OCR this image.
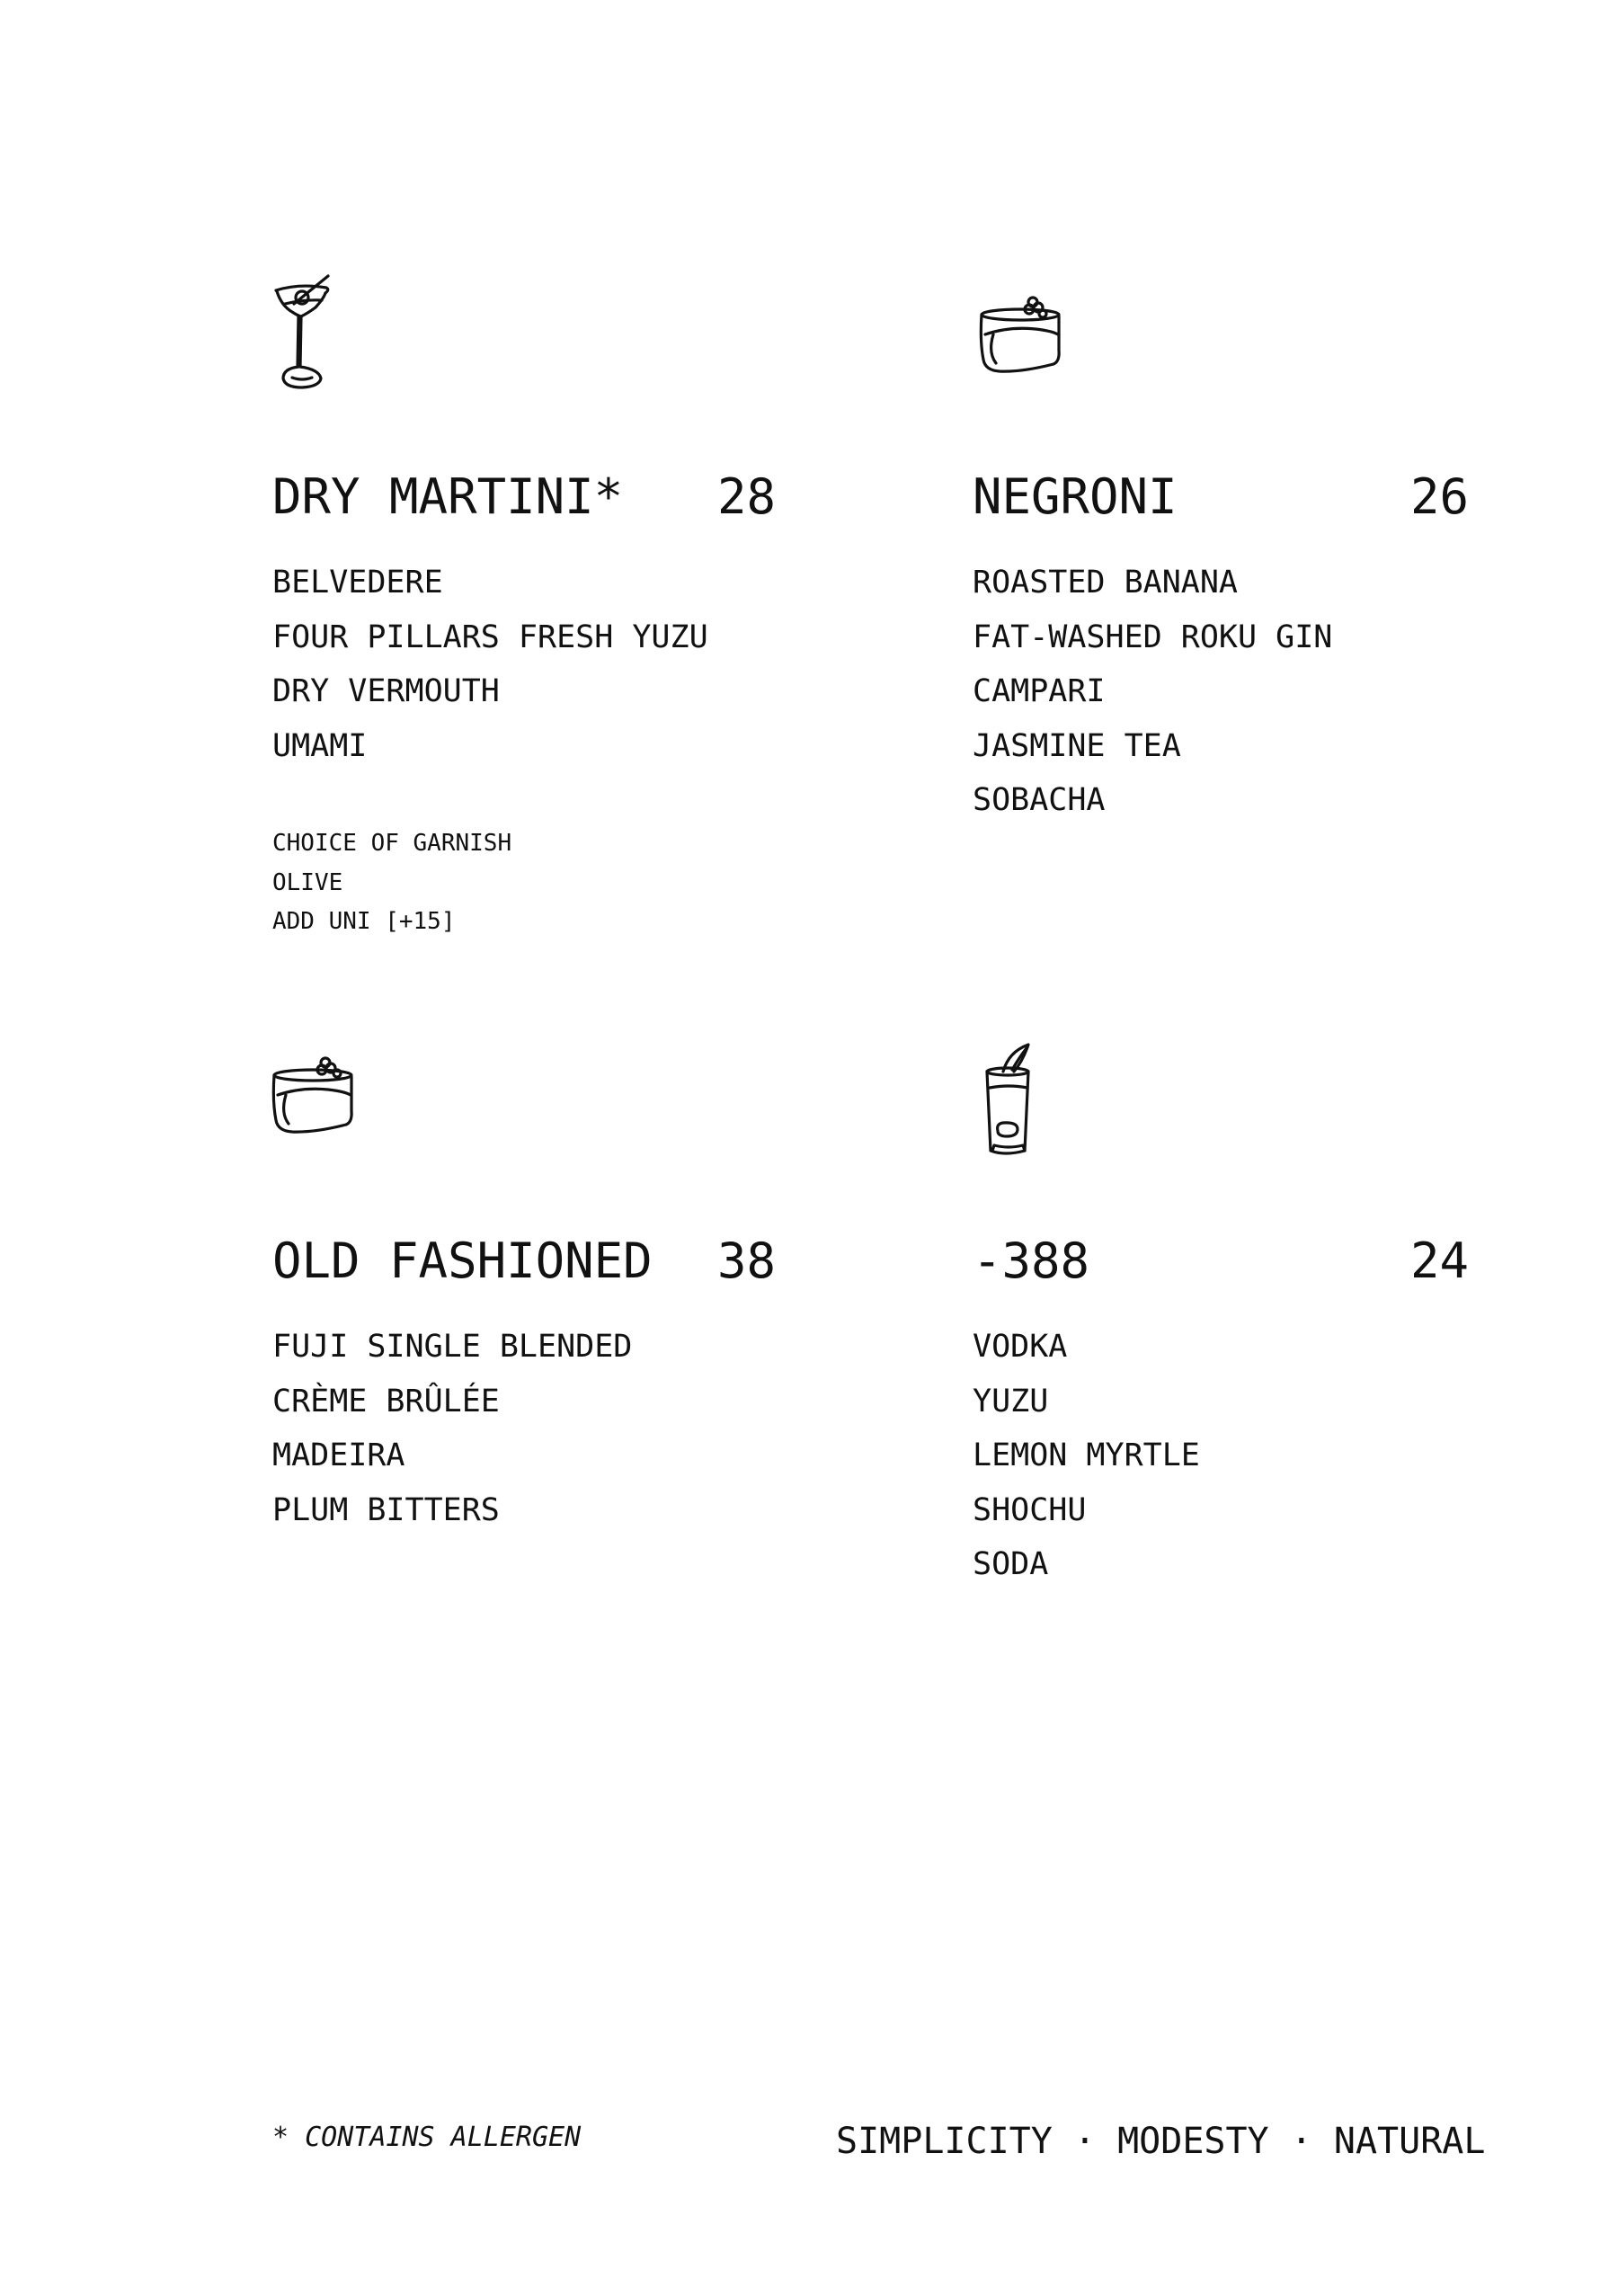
DRY MARTINI* 28
BELVEDERE
FOUR PILLARS FRESH YUZU
DRY VERMOUTH
UMAMI
CHOICE OF GARNISH
OLIVE
ADD UNI [+15]
NEGRONI	26
ROASTED BANANA
FAT-WASHED ROKU GIN
CAMPARI
JASMINE TEA
SOBACHA
OLD FASHIONED 38
FUJI SINGLE BLENDED
CRÈME BRÛLÉE
MADEIRA
PLUM BITTERS
-388	24
VODKA
YUZU
LEMON MYRTLE
SHOCHU
SODA
* CONTAINS ALLERGEN	SIMPLICITY · MODESTY · NATURAL
